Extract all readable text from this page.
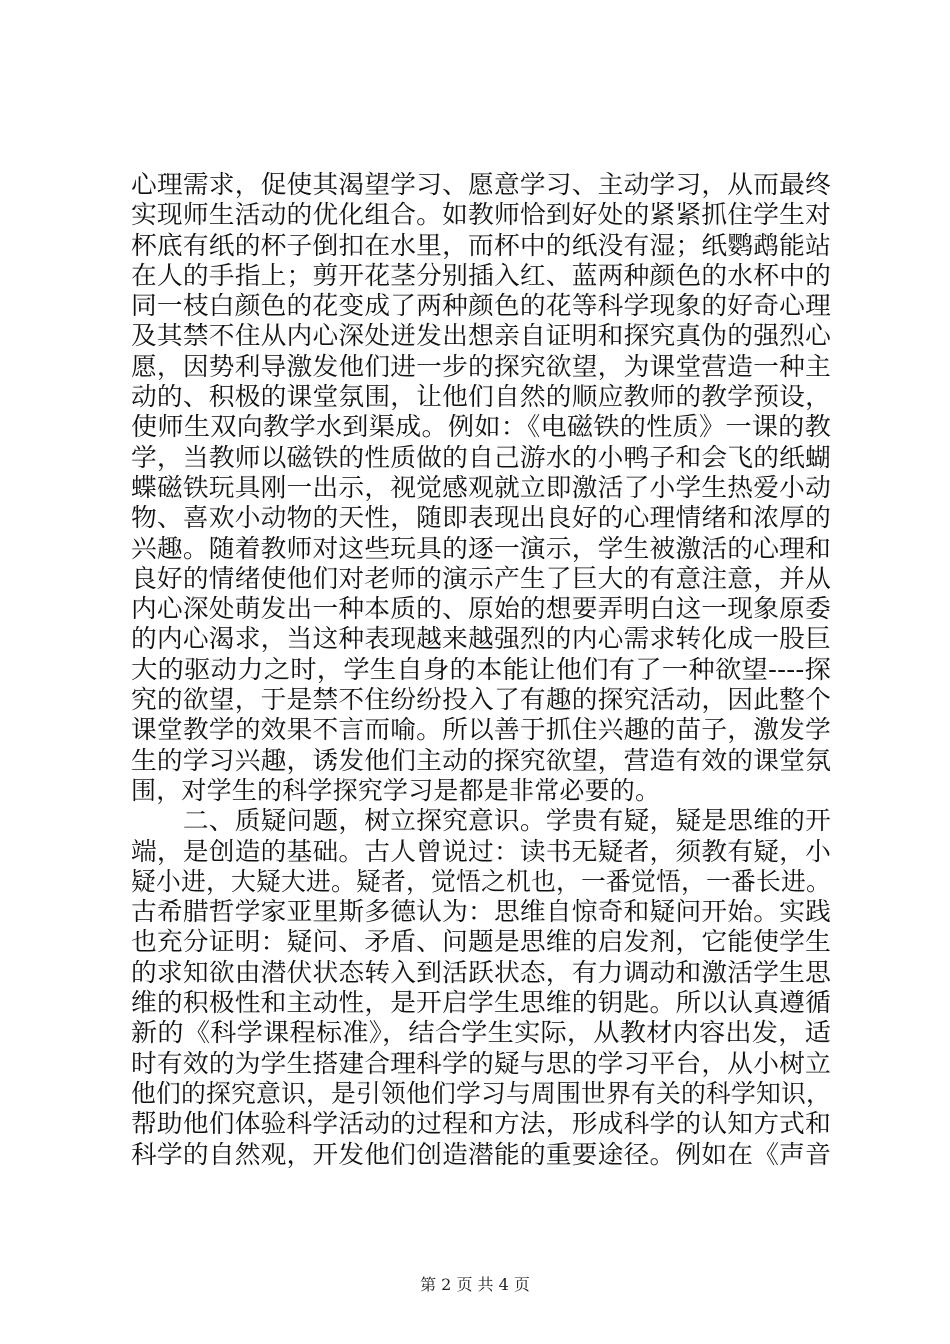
心理需求，促使其渴望学习、愿意学习、主动学习，从而最终
实现师生活动的优化组合。如教师恰到好处的紧紧抓住学生对
杯底有纸的杯子倒扣在水里，而杯中的纸没有湿；纸鹦鹉能站
在人的手指上；剪开花茎分别插入红、蓝两种颜色的水杯中的
同一枝白颜色的花变成了两种颜色的花等科学现象的好奇心理
及其禁不住从内心深处迸发出想亲自证明和探究真伪的强烈心
愿，因势利导激发他们进一步的探究欲望，为课堂营造一种主
动的、积极的课堂氛围，让他们自然的顺应教师的教学预设，
使师生双向教学水到渠成。例如：《电磁铁的性质》一课的教
学，当教师以磁铁的性质做的自己游水的小鸭子和会飞的纸蝴
蝶磁铁玩具刚一出示，视觉感观就立即激活了小学生热爱小动
物、喜欢小动物的天性，随即表现出良好的心理情绪和浓厚的
兴趣。随着教师对这些玩具的逐一演示，学生被激活的心理和
良好的情绪使他们对老师的演示产生了巨大的有意注意，并从
内心深处萌发出一种本质的、原始的想要弄明白这一现象原委
的内心渴求，当这种表现越来越强烈的内心需求转化成一股巨
大的驱动力之时，学生自身的本能让他们有了一种欲望----探
究的欲望，于是禁不住纷纷投入了有趣的探究活动，因此整个
课堂教学的效果不言而喻。所以善于抓住兴趣的苗子，激发学
生的学习兴趣，诱发他们主动的探究欲望，营造有效的课堂氛
围，对学生的科学探究学习是都是非常必要的。
　　二、质疑问题，树立探究意识。学贵有疑，疑是思维的开
端，是创造的基础。古人曾说过：读书无疑者，须教有疑，小
疑小进，大疑大进。疑者，觉悟之机也，一番觉悟，一番长进。
古希腊哲学家亚里斯多德认为：思维自惊奇和疑问开始。实践
也充分证明：疑问、矛盾、问题是思维的启发剂，它能使学生
的求知欲由潜伏状态转入到活跃状态，有力调动和激活学生思
维的积极性和主动性，是开启学生思维的钥匙。所以认真遵循
新的《科学课程标准》，结合学生实际，从教材内容出发，适
时有效的为学生搭建合理科学的疑与思的学习平台，从小树立
他们的探究意识，是引领他们学习与周围世界有关的科学知识，
帮助他们体验科学活动的过程和方法，形成科学的认知方式和
科学的自然观，开发他们创造潜能的重要途径。例如在《声音
第 2 页 共 4 页
